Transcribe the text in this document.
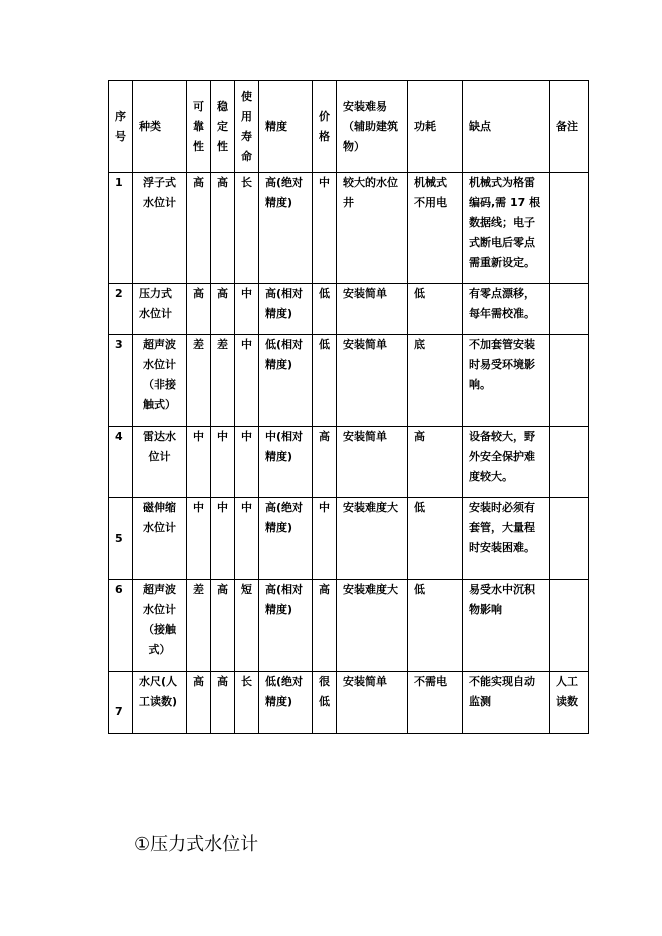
序号	种类	可靠性	稳定性	使用寿命	精度	价格	安装难易（辅助建筑物）	功耗	缺点	备注
1	浮子式水位计	高	高	长	高(绝对精度)	中	较大的水位井	机械式不用电	机械式为格雷编码,需 17 根数据线；电子式断电后零点需重新设定。	
2	压力式水位计	高	高	中	高(相对精度)	低	安装简单	低	有零点漂移，每年需校准。	
3	超声波水位计（非接触式）	差	差	中	低(相对精度)	低	安装简单	底	不加套管安装时易受环境影响。	
4	雷达水位计	中	中	中	中(相对精度)	高	安装简单	高	设备较大，野外安全保护难度较大。	
5	磁伸缩水位计	中	中	中	高(绝对精度)	中	安装难度大	低	安装时必须有套管，大量程时安装困难。	
6	超声波水位计（接触式）	差	高	短	高(相对精度)	高	安装难度大	低	易受水中沉积物影响	
7	水尺(人工读数)	高	高	长	低(绝对精度)	很低	安装简单	不需电	不能实现自动监测	人工读数
①压力式水位计
